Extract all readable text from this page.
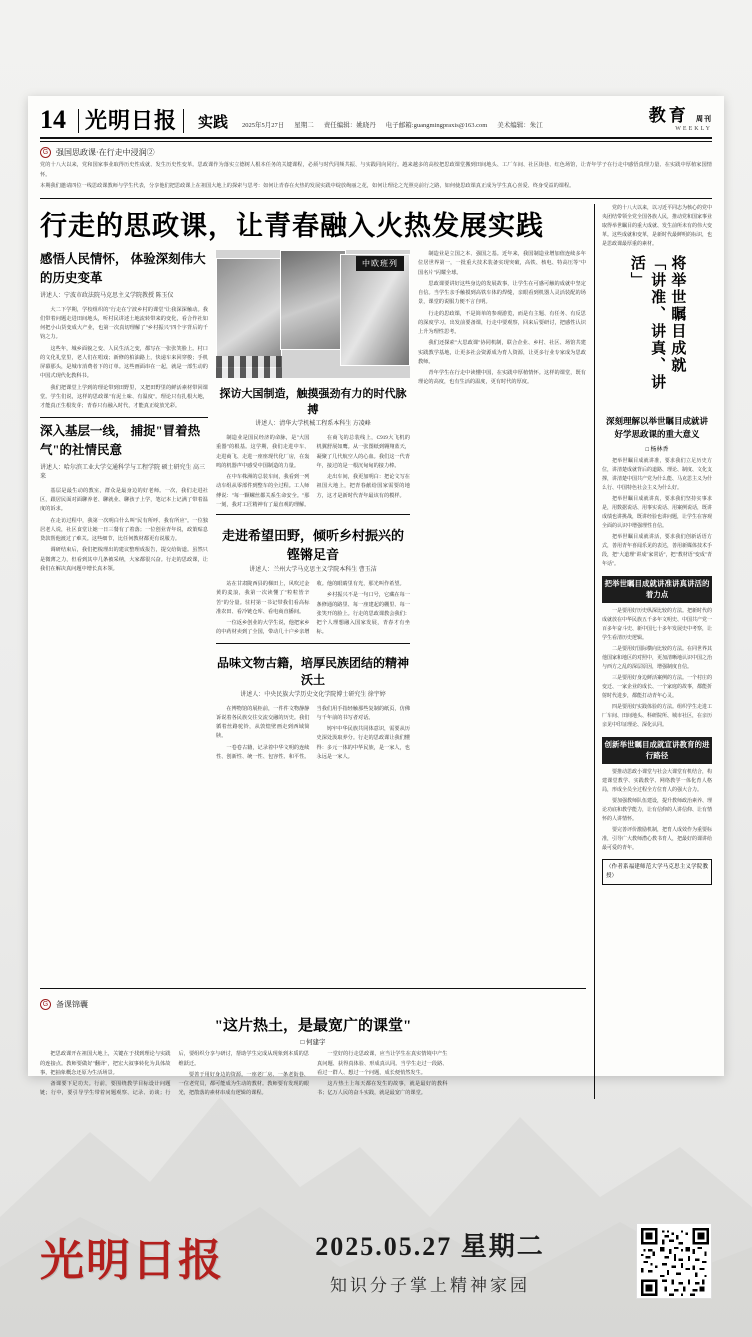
14 光明日报	实践	2025年5月27日 星期二 责任编辑：姚晓丹 电子邮箱:guangmingpraxis@163.com 美术编辑：朱江
教育 周刊
WEEKLY
G 强国思政课·在行走中浸润②

党的十八大以来，党和国家事业取得历史性成就、发生历史性变革。思政课作为落实立德树人根本任务的关键课程，必须与时代同频共振、与实践同向同行。越来越多的高校把思政课堂搬到田间地头、工厂车间、社区街巷、红色场馆，让青年学子在行走中感悟真理力量、在实践中厚植家国情怀。

本期我们邀请四位一线思政课教师与学生代表，分享他们把思政课上在祖国大地上的探索与思考：如何让青春在火热的发展实践中绽放绚丽之花，如何让理论之光照亮前行之路，如何使思政课真正成为学生真心喜爱、终身受益的课程。

行走的思政课，让青春融入火热发展实践
感悟人民情怀， 体验深刻伟大的历史变革
讲述人：宁波市政法院马克思主义学院教授 陈玉仪

大二下学期，学校组织的"行走在宁波乡村的课堂"让我深深触动。我们带着问题走进田间地头，听村民讲述土地流转带来的变化，看合作社如何把小山货变成大产业，也第一次真切理解了"乡村振兴"四个字背后的千钧之力。

这些年，城乡面貌之变、人民生活之变，都写在一张张笑脸上。村口的文化礼堂里，老人们在唱戏；新修的柏油路上，快递车来回穿梭；手机屏幕那头，是城市消费者下的订单。这些画面串在一起，就是一部生动的中国式现代化教科书。

我们把课堂上学到的理论带到田野里，又把田野里的鲜活素材带回课堂。学生们说，这样的思政课"有泥土味、有温度"。理论只有扎根大地，才能真正生根发芽；青春只有融入时代，才能真正绽放光彩。

深入基层一线， 捕捉"冒着热气"的社情民意
讲述人：哈尔滨工业大学交通科学与工程学院 硕士研究生 高三来

基层是最生动的教室，群众是最身边的好老师。一次，我们走进社区，跟居民面对面聊养老、聊就业、聊孩子上学，笔记本上记满了带着温度的诉求。

在走访过程中，我第一次明白什么叫"民有所呼、我有所应"。一位独居老人说，社区食堂让她一日三餐有了着落；一位创业青年说，政策贴息贷款帮他渡过了难关。这些细节，比任何教材都更有说服力。

调研结束后，我们把梳理出的建议整理成报告，提交给街道。虽然只是微薄之力，但看到其中几条被采纳，大家都很兴奋。行走的思政课，让我们在解决真问题中增长真本领。

中欧班列
探访大国制造，触摸强劲有力的时代脉搏
讲述人：清华大学机械工程系本科生 方凌峰

制造业是国民经济的命脉，是"大国重器"的根基。这学期，我们走进中车、走进商飞、走进一座座现代化厂房，在轰鸣的机器声中感受中国制造的力量。

在中车株洲的总装车间，我看到一列动车组从零部件到整车的全过程。工人师傅说："每一颗螺丝都关系生命安全。"那一刻，我对工匠精神有了最直观的理解。

在商飞的总装线上，C919大飞机的机翼舒展如鹰。从一张图纸到翱翔蓝天，凝聚了几代航空人的心血。我们这一代青年，接过的是一根沉甸甸的接力棒。

走出车间，我更加明白：把论文写在祖国大地上，把青春献给国家需要的地方，这才是新时代青年最该有的模样。

走进希望田野，倾听乡村振兴的铿锵足音
讲述人：兰州大学马克思主义学院本科生 曹玉洁

站在甘肃陇西县的梯田上，风吹过金黄的麦浪，我第一次读懂了"粒粒皆辛苦"的分量。驻村第一书记带我们看高标准农田、看冷链仓库、看电商直播间。

一位返乡创业的大学生说，他把家乡的中药材卖到了全国，带动几十户乡亲增收。他的眼睛里有光，那光叫作希望。

乡村振兴不是一句口号，它藏在每一条修通的路里、每一座建起的棚里、每一张笑开的脸上。行走的思政课教会我们：把个人理想融入国家发展，青春才有坐标。

品味文物古籍，培厚民族团结的精神沃土
讲述人：中央民族大学历史文化学院博士研究生 徐宇婷

在博物馆的展柜前，一件件文物静静诉说着各民族交往交流交融的历史。我们循着丝路驼铃，从敦煌壁画走到西域简牍。

一卷卷古籍，记录着中华文明的连续性、创新性、统一性、包容性、和平性。当我们用手指轻触那些复制的纸页，仿佛与千年前的书写者对话。

铸牢中华民族共同体意识，需要从历史深处汲取养分。行走的思政课让我们懂得：多元一体的中华民族，是一家人，也永远是一家人。

制造业是立国之本、强国之基。近年来，我国制造业增加值连续多年位居世界第一，一批重大技术装备实现突破，高铁、核电、特高压等"中国名片"闪耀全球。

思政课要讲好这些身边的发展故事，让学生在可感可触的成就中坚定自信。当学生亲手触摸到高铁车体的焊缝，亲眼看到机器人灵活装配的场景，课堂的说服力便不言自明。

行走的思政课，不是简单的参观游览，而是有主题、有任务、有反思的深度学习。出发前要备课，行走中要观察，回来后要研讨，把感性认识上升为理性思考。

我们还探索"大思政课"协同机制，联合企业、乡村、社区、场馆共建实践教学基地，让更多社会资源成为育人资源，让更多行业专家成为思政教师。

青年学生在行走中读懂中国，在实践中厚植情怀。这样的课堂，既有理论的高度，也有生活的温度，更有时代的厚度。

G 备课锦囊
"这片热土，是最宽广的课堂"
□ 何建宇

把思政课开在祖国大地上，关键在于找到理论与实践的连接点。教师要做好"翻译"，把宏大叙事转化为具体故事，把抽象概念还原为生活场景。

备课要下足功夫。行前，要围绕教学目标设计问题链；行中，要引导学生带着问题观察、记录、访谈；行后，要组织分享与研讨，帮助学生完成从现象到本质的思维跃迁。

要善于用好身边的资源。一座老厂房、一条老街巷、一位老党员，都可能成为生动的教材。教师要有发现的眼光，把散落的素材串成有逻辑的课程。

一堂好的行走思政课，应当让学生在真实情境中产生真问题、获得真体验、形成真认同。当学生走过一段路、看过一群人、想过一个问题，成长便悄然发生。

这片热土上每天都在发生的故事，就是最好的教科书；亿万人民的奋斗实践，就是最宽广的课堂。

党的十八大以来，以习近平同志为核心的党中央团结带领全党全国各族人民，推动党和国家事业取得举世瞩目的重大成就、发生前所未有的伟大变革。这些成就和变革，是新时代最鲜明的标识，也是思政课最厚重的素材。

将举世瞩目成就 「讲准、讲真、讲活」
深刻理解以举世瞩目成就讲好学思政课的重大意义
□ 杨林香

把举世瞩目成就讲准，要求我们立足历史方位，讲清楚成就背后的道路、理论、制度、文化支撑，讲清楚中国共产党为什么能、马克思主义为什么行、中国特色社会主义为什么好。

把举世瞩目成就讲真，要求我们坚持实事求是，用数据说话、用事实说话、用案例说话，既讲成绩也讲挑战，既讲经验也讲问题，让学生在客观全面的认识中增强理性自信。

把举世瞩目成就讲活，要求我们创新话语方式，善用青年喜闻乐见的表达，善用新媒体技术手段，把"大道理"讲成"家常话"，把"教材语"变成"青年话"。

把举世瞩目成就讲准讲真讲活的着力点

一是要用好历史纵深比较的方法。把新时代的成就放在中华民族五千多年文明史、中国共产党一百多年奋斗史、新中国七十多年发展史中考察，让学生看清历史逻辑。

二是要用好国际横向比较的方法。在同世界其他国家和地区的对照中，更加清晰地认识中国之治与西方之乱的深层原因，增强制度自信。

三是要用好身边鲜活案例的方法。一个村庄的变迁、一家企业的成长、一个家庭的故事，都能折射时代进步，都能打动青年心灵。

四是要用好实践体验的方法。组织学生走进工厂车间、田间地头、科研院所、城市社区，在亲历亲见中印证理论、深化认同。

创新举世瞩目成就宣讲教育的进行路径

要推动思政小课堂与社会大课堂有机结合，构建课堂教学、实践教学、网络教学一体化育人格局，形成全员全过程全方位育人的强大合力。

要加强教师队伍建设，提升教师政治素养、理论功底和教学能力，让有信仰的人讲信仰、让有情怀的人讲情怀。

要完善评价激励机制，把育人成效作为重要标准，引导广大教师潜心教书育人，把最好的课讲给最可爱的青年。

（作者系福建师范大学马克思主义学院教授）
光明日报	2025.05.27 星期二
知识分子掌上精神家园
